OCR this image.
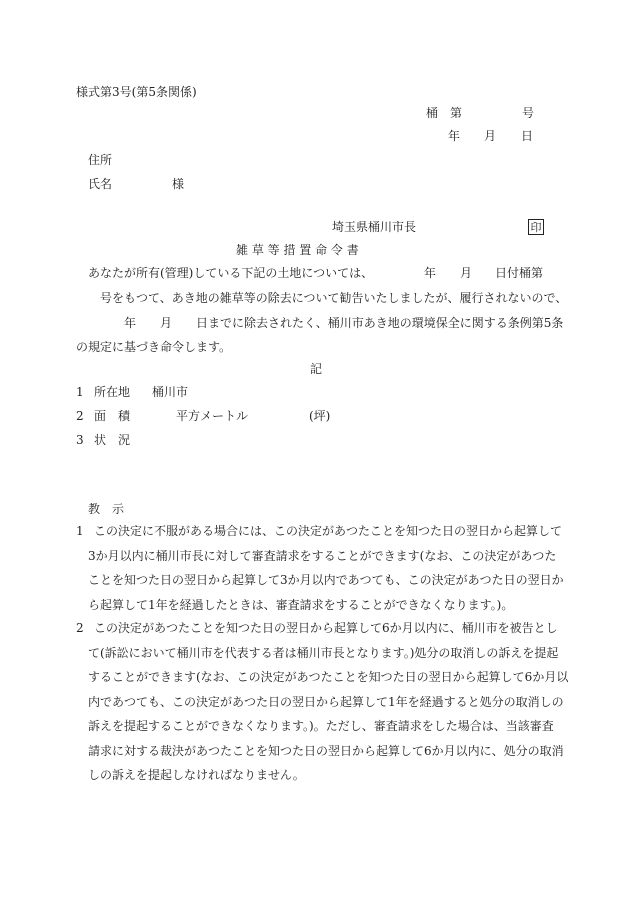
様式第3号(第5条関係)
桶　第	号
年 月 日
住所
氏名	様
埼玉県桶川市長	印
雑 草 等 措 置 命 令 書
あなたが所有(管理)している下記の土地については、	年 月 日付桶第
号をもつて、あき地の雑草等の除去について勧告いたしましたが、履行されないので、
年 月 日までに除去されたく、桶川市あき地の環境保全に関する条例第5条
の規定に基づき命令します。
記
1 所在地 桶川市
2 面　積	平方メートル	(坪)
3 状　況
教　示
1 この決定に不服がある場合には、この決定があつたことを知つた日の翌日から起算して
3か月以内に桶川市長に対して審査請求をすることができます(なお、この決定があつた
ことを知つた日の翌日から起算して3か月以内であつても、この決定があつた日の翌日か
ら起算して1年を経過したときは、審査請求をすることができなくなります。)。
2 この決定があつたことを知つた日の翌日から起算して6か月以内に、桶川市を被告とし
て(訴訟において桶川市を代表する者は桶川市長となります。)処分の取消しの訴えを提起
することができます(なお、この決定があつたことを知つた日の翌日から起算して6か月以
内であつても、この決定があつた日の翌日から起算して1年を経過すると処分の取消しの
訴えを提起することができなくなります。)。ただし、審査請求をした場合は、当該審査
請求に対する裁決があつたことを知つた日の翌日から起算して6か月以内に、処分の取消
しの訴えを提起しなければなりません。
